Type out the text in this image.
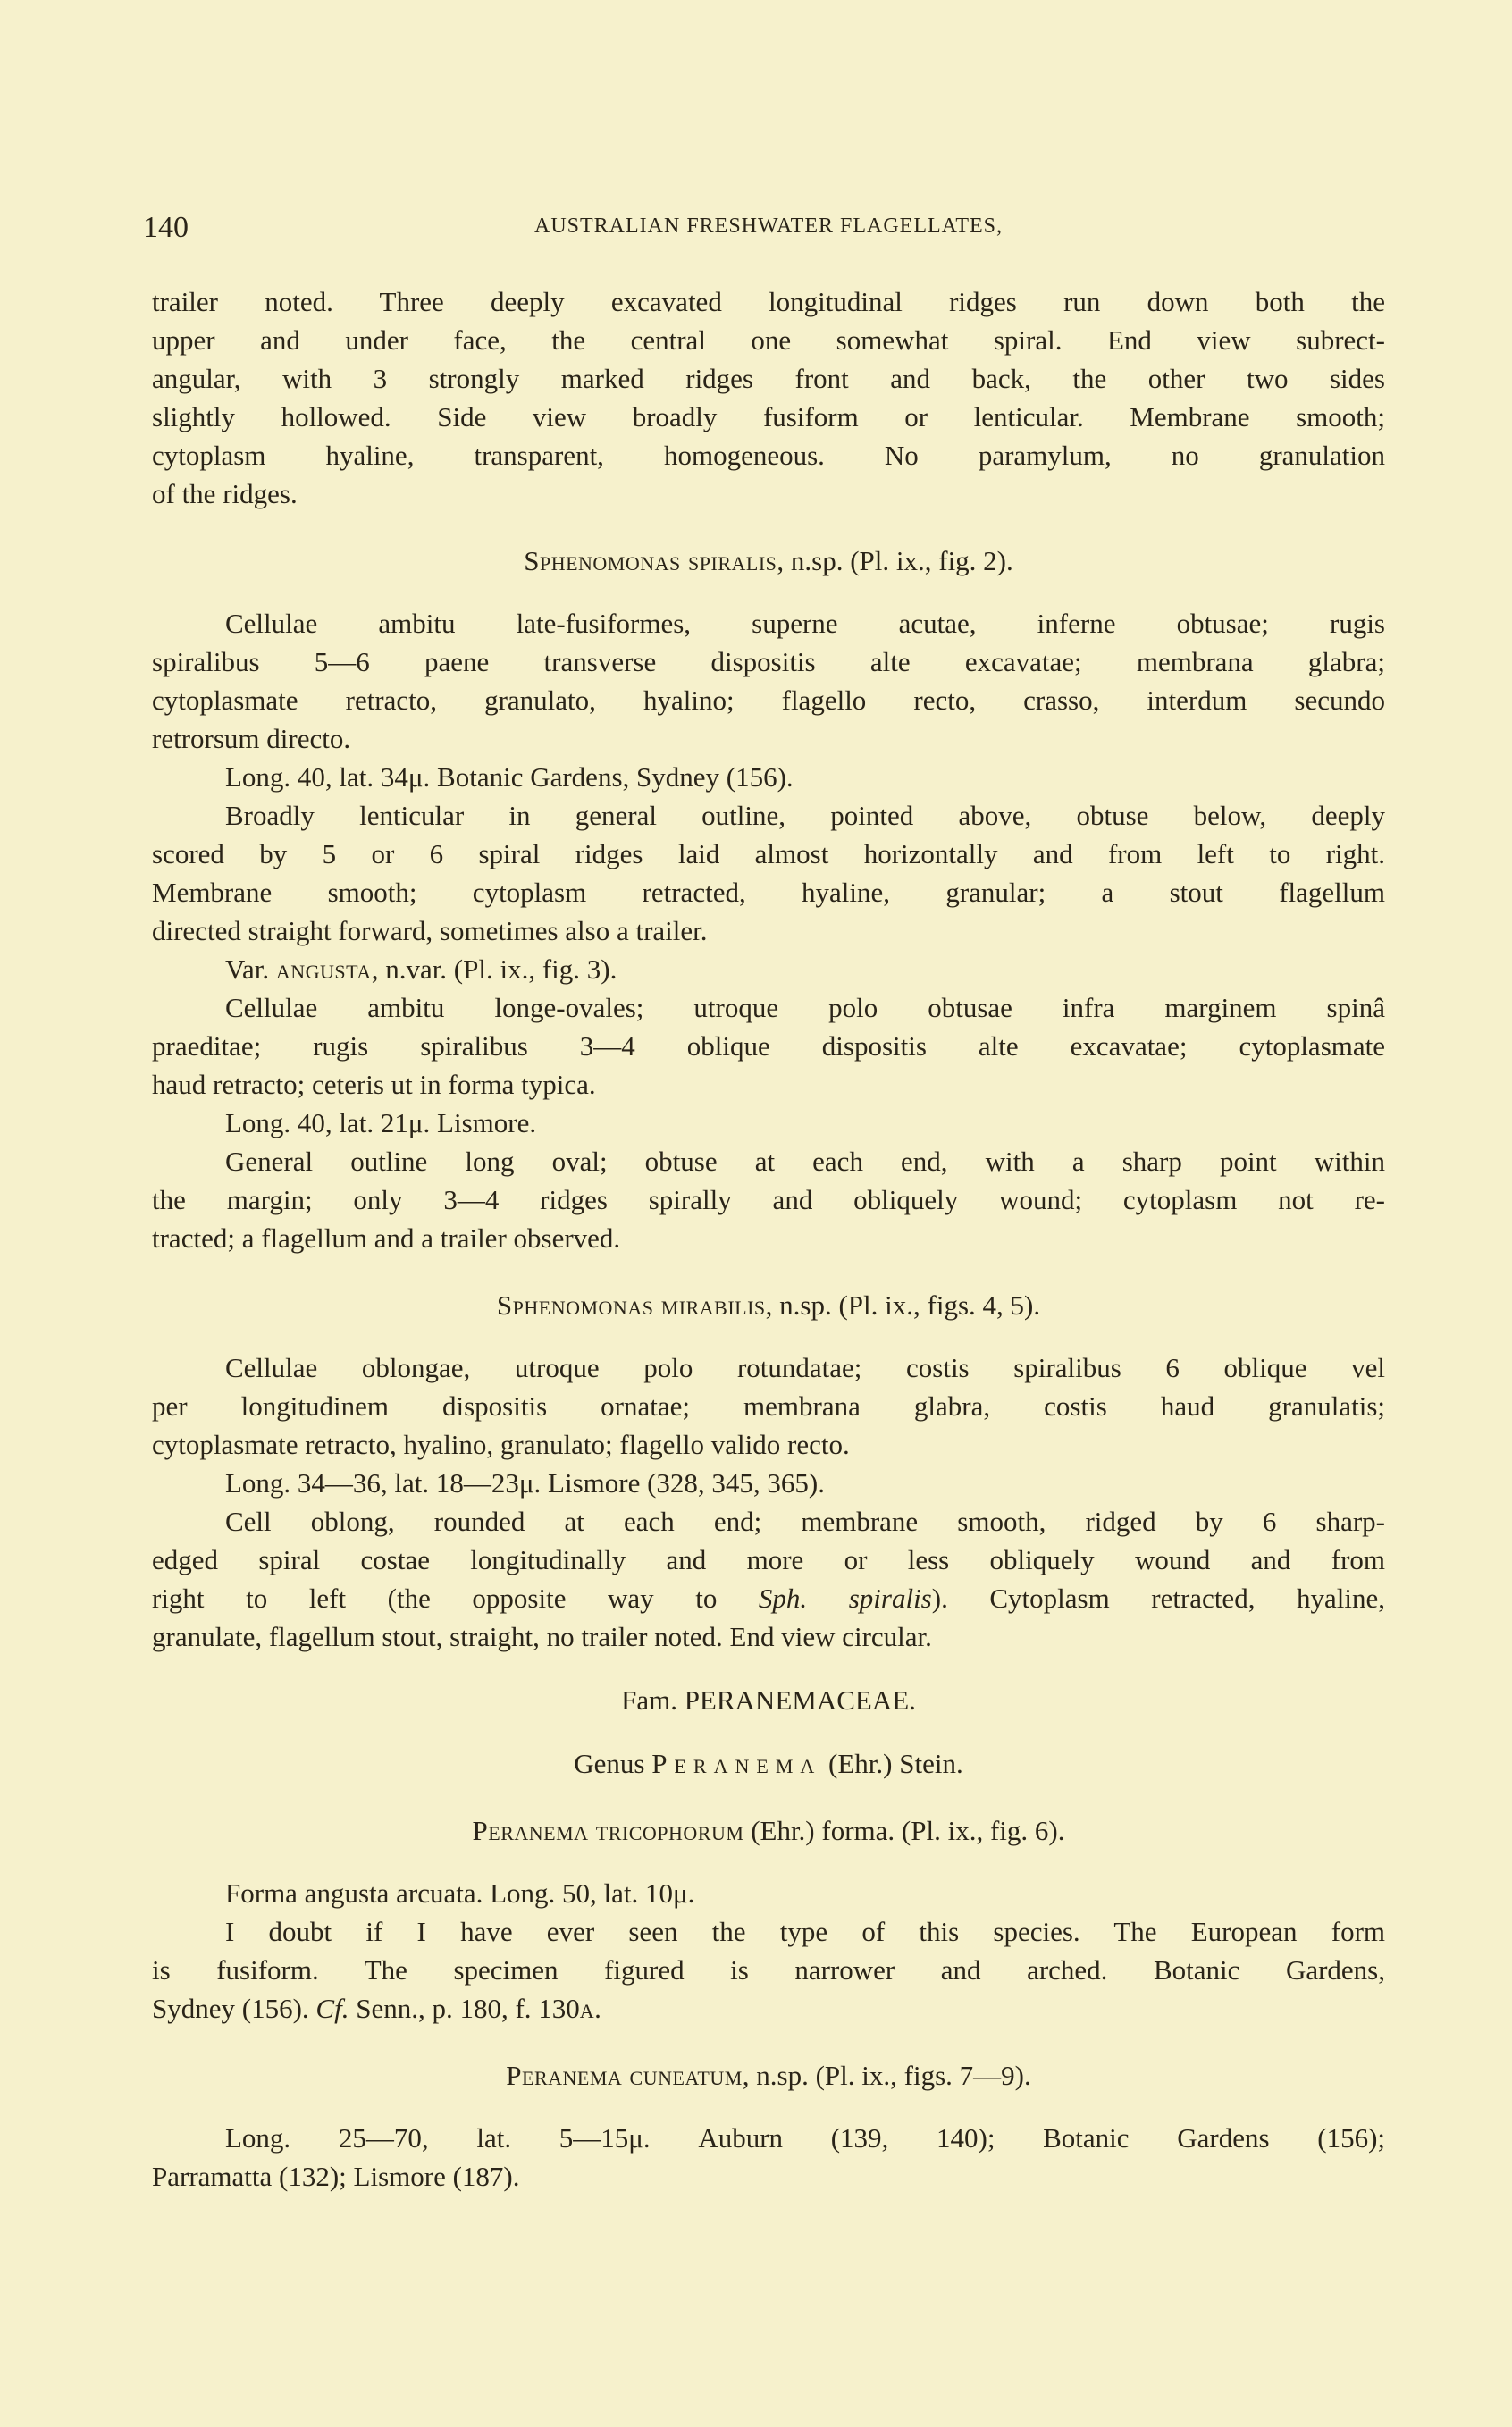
140	AUSTRALIAN FRESHWATER FLAGELLATES,
trailer noted. Three deeply excavated longitudinal ridges run down both the
upper and under face, the central one somewhat spiral. End view subrect-
angular, with 3 strongly marked ridges front and back, the other two sides
slightly hollowed. Side view broadly fusiform or lenticular. Membrane smooth;
cytoplasm hyaline, transparent, homogeneous. No paramylum, no granulation
of the ridges.
Sphenomonas spiralis, n.sp. (Pl. ix., fig. 2).
Cellulae ambitu late-fusiformes, superne acutae, inferne obtusae; rugis
spiralibus 5—6 paene transverse dispositis alte excavatae; membrana glabra;
cytoplasmate retracto, granulato, hyalino; flagello recto, crasso, interdum secundo
retrorsum directo.
Long. 40, lat. 34μ. Botanic Gardens, Sydney (156).
Broadly lenticular in general outline, pointed above, obtuse below, deeply
scored by 5 or 6 spiral ridges laid almost horizontally and from left to right.
Membrane smooth; cytoplasm retracted, hyaline, granular; a stout flagellum
directed straight forward, sometimes also a trailer.
Var. angusta, n.var. (Pl. ix., fig. 3).
Cellulae ambitu longe-ovales; utroque polo obtusae infra marginem spinâ
praeditae; rugis spiralibus 3—4 oblique dispositis alte excavatae; cytoplasmate
haud retracto; ceteris ut in forma typica.
Long. 40, lat. 21μ. Lismore.
General outline long oval; obtuse at each end, with a sharp point within
the margin; only 3—4 ridges spirally and obliquely wound; cytoplasm not re-
tracted; a flagellum and a trailer observed.
Sphenomonas mirabilis, n.sp. (Pl. ix., figs. 4, 5).
Cellulae oblongae, utroque polo rotundatae; costis spiralibus 6 oblique vel
per longitudinem dispositis ornatae; membrana glabra, costis haud granulatis;
cytoplasmate retracto, hyalino, granulato; flagello valido recto.
Long. 34—36, lat. 18—23μ. Lismore (328, 345, 365).
Cell oblong, rounded at each end; membrane smooth, ridged by 6 sharp-
edged spiral costae longitudinally and more or less obliquely wound and from
right to left (the opposite way to Sph. spiralis). Cytoplasm retracted, hyaline,
granulate, flagellum stout, straight, no trailer noted. End view circular.
Fam. PERANEMACEAE.
Genus Peranema (Ehr.) Stein.
Peranema tricophorum (Ehr.) forma. (Pl. ix., fig. 6).
Forma angusta arcuata. Long. 50, lat. 10μ.
I doubt if I have ever seen the type of this species. The European form
is fusiform. The specimen figured is narrower and arched. Botanic Gardens,
Sydney (156). Cf. Senn., p. 180, f. 130a.
Peranema cuneatum, n.sp. (Pl. ix., figs. 7—9).
Long. 25—70, lat. 5—15μ. Auburn (139, 140); Botanic Gardens (156);
Parramatta (132); Lismore (187).
